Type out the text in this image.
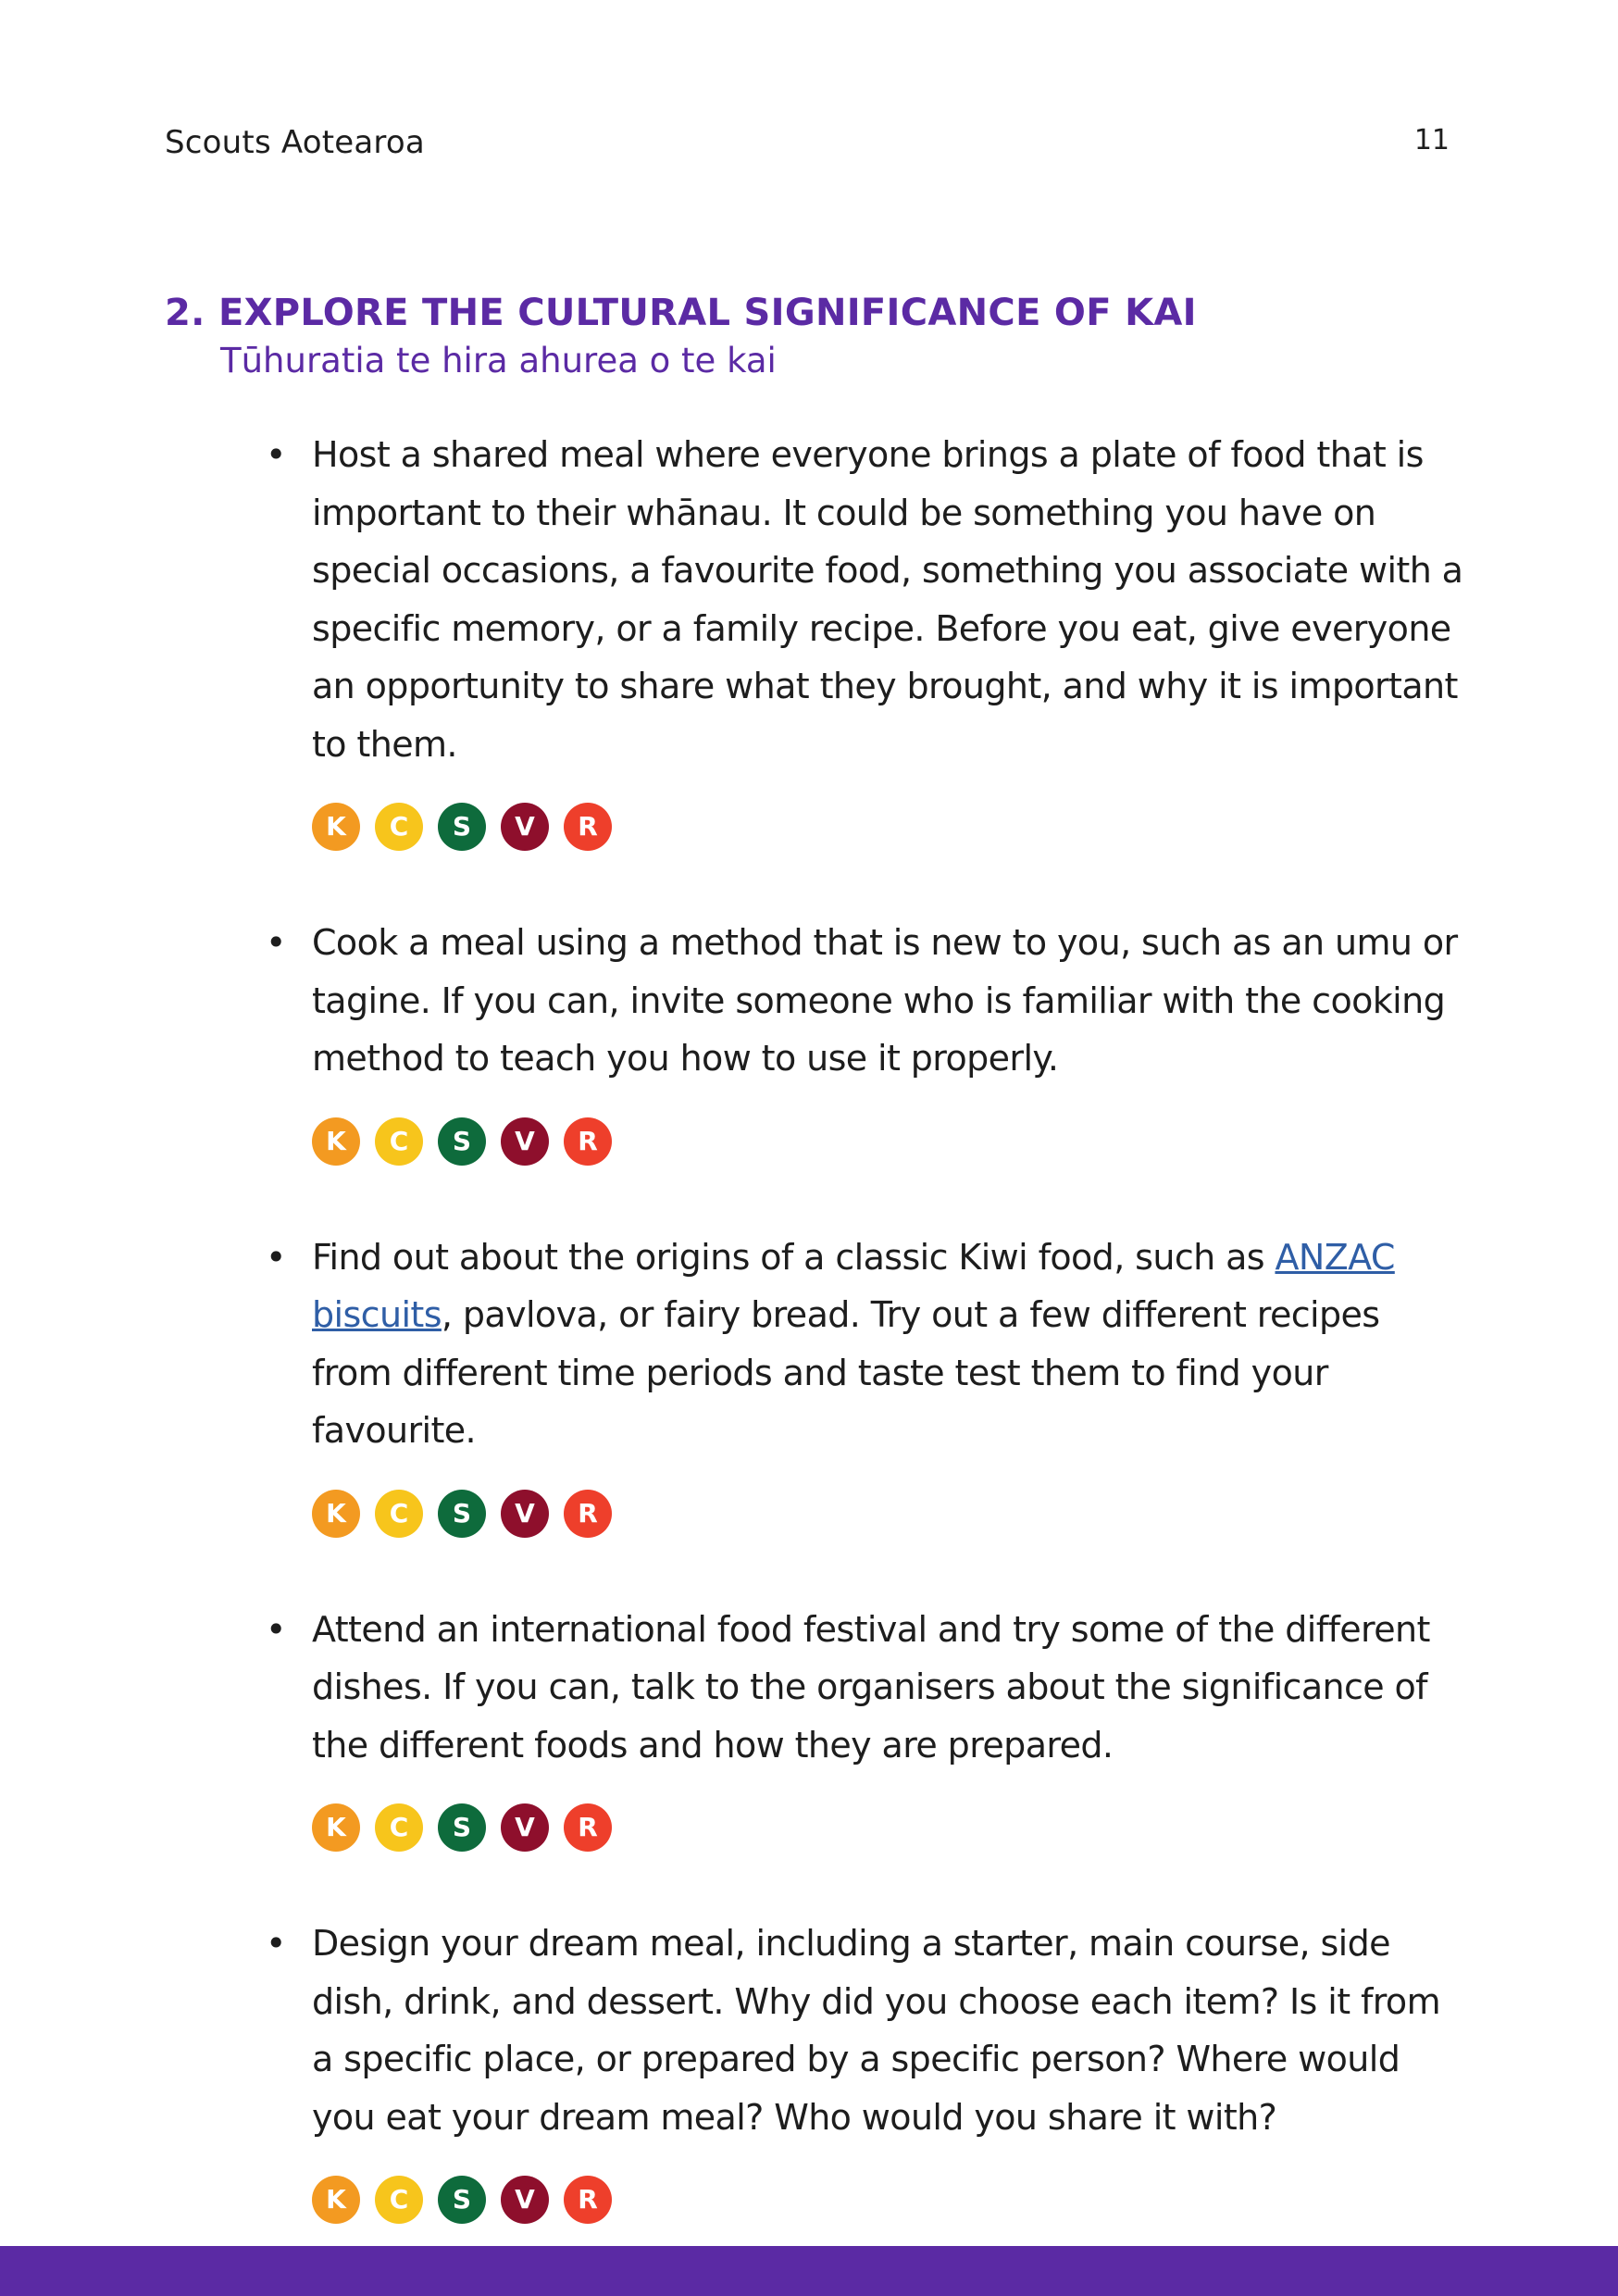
Scouts Aotearoa	11
2. EXPLORE THE CULTURAL SIGNIFICANCE OF KAI
Tūhuratia te hira ahurea o te kai
• Host a shared meal where everyone brings a plate of food that is important to their whānau. It could be something you have on special occasions, a favourite food, something you associate with a specific memory, or a family recipe. Before you eat, give everyone an opportunity to share what they brought, and why it is important to them.
K	C	S	V	R
• Cook a meal using a method that is new to you, such as an umu or tagine. If you can, invite someone who is familiar with the cooking method to teach you how to use it properly.
K	C	S	V	R
• Find out about the origins of a classic Kiwi food, such as ANZAC biscuits, pavlova, or fairy bread. Try out a few different recipes from different time periods and taste test them to find your favourite.
K	C	S	V	R
• Attend an international food festival and try some of the different dishes. If you can, talk to the organisers about the significance of the different foods and how they are prepared.
K	C	S	V	R
• Design your dream meal, including a starter, main course, side dish, drink, and dessert. Why did you choose each item? Is it from a specific place, or prepared by a specific person? Where would you eat your dream meal? Who would you share it with?
K	C	S	V	R
